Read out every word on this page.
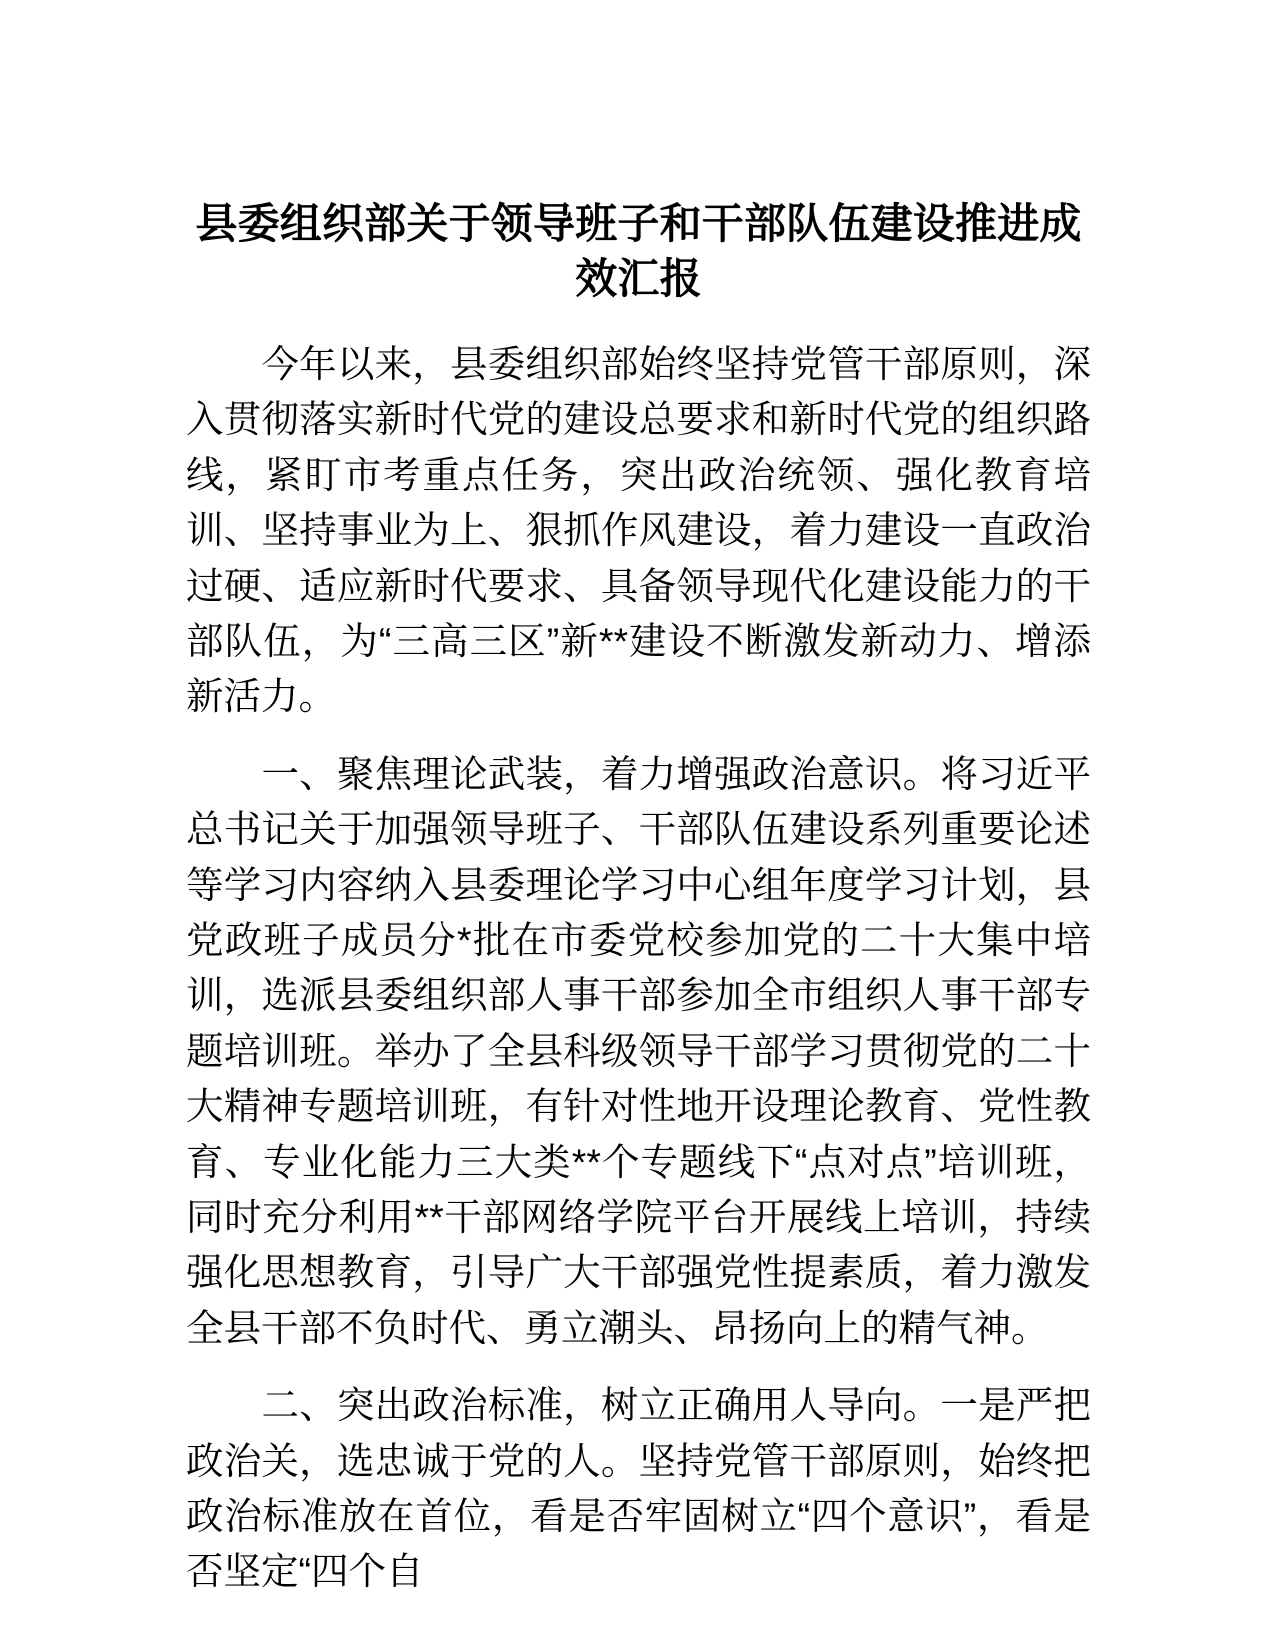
县委组织部关于领导班子和干部队伍建设推进成效汇报

今年以来，县委组织部始终坚持党管干部原则，深入贯彻落实新时代党的建设总要求和新时代党的组织路线，紧盯市考重点任务，突出政治统领、强化教育培训、坚持事业为上、狠抓作风建设，着力建设一直政治过硬、适应新时代要求、具备领导现代化建设能力的干部队伍，为“三高三区”新**建设不断激发新动力、增添新活力。

一、聚焦理论武装，着力增强政治意识。将习近平总书记关于加强领导班子、干部队伍建设系列重要论述等学习内容纳入县委理论学习中心组年度学习计划，县党政班子成员分*批在市委党校参加党的二十大集中培训，选派县委组织部人事干部参加全市组织人事干部专题培训班。举办了全县科级领导干部学习贯彻党的二十大精神专题培训班，有针对性地开设理论教育、党性教育、专业化能力三大类**个专题线下“点对点”培训班，同时充分利用**干部网络学院平台开展线上培训，持续强化思想教育，引导广大干部强党性提素质，着力激发全县干部不负时代、勇立潮头、昂扬向上的精气神。

二、突出政治标准，树立正确用人导向。一是严把政治关，选忠诚于党的人。坚持党管干部原则，始终把政治标准放在首位，看是否牢固树立“四个意识”，看是否坚定“四个自
